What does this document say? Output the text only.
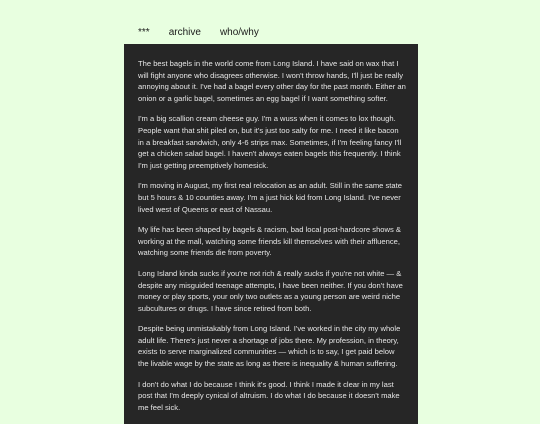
*** archive who/why

The best bagels in the world come from Long Island. I have said on wax that I will fight anyone who disagrees otherwise. I won't throw hands, I'll just be really annoying about it. I've had a bagel every other day for the past month. Either an onion or a garlic bagel, sometimes an egg bagel if I want something softer.

I'm a big scallion cream cheese guy. I'm a wuss when it comes to lox though. People want that shit piled on, but it's just too salty for me. I need it like bacon in a breakfast sandwich, only 4-6 strips max. Sometimes, if I'm feeling fancy I'll get a chicken salad bagel. I haven't always eaten bagels this frequently. I think I'm just getting preemptively homesick.

I'm moving in August, my first real relocation as an adult. Still in the same state but 5 hours & 10 counties away. I'm a just hick kid from Long Island. I've never lived west of Queens or east of Nassau.

My life has been shaped by bagels & racism, bad local post-hardcore shows & working at the mall, watching some friends kill themselves with their affluence, watching some friends die from poverty.

Long Island kinda sucks if you're not rich & really sucks if you're not white — & despite any misguided teenage attempts, I have been neither. If you don't have money or play sports, your only two outlets as a young person are weird niche subcultures or drugs. I have since retired from both.

Despite being unmistakably from Long Island. I've worked in the city my whole adult life. There's just never a shortage of jobs there. My profession, in theory, exists to serve marginalized communities — which is to say, I get paid below the livable wage by the state as long as there is inequality & human suffering.

I don't do what I do because I think it's good. I think I made it clear in my last post that I'm deeply cynical of altruism. I do what I do because it doesn't make me feel sick.
